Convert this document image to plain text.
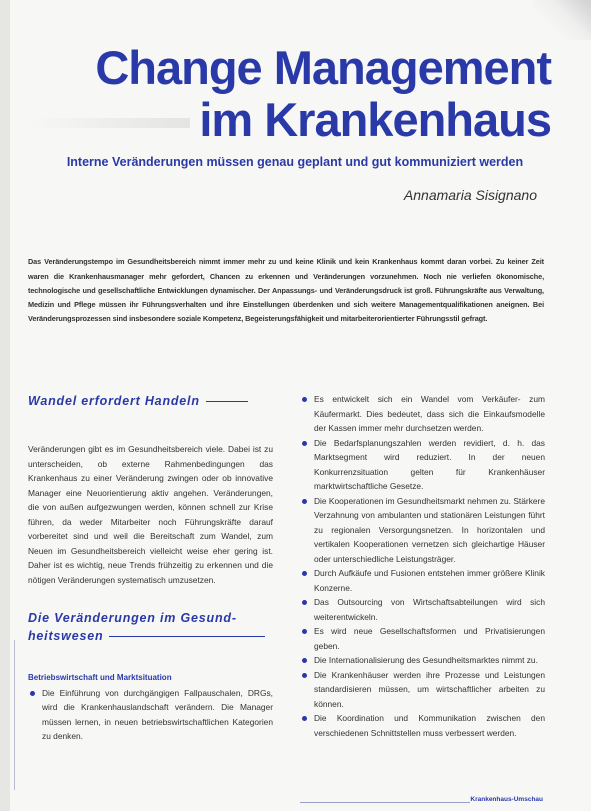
Change Management
im Krankenhaus
Interne Veränderungen müssen genau geplant und gut kommuniziert werden
Annamaria Sisignano

Das Veränderungstempo im Gesundheitsbereich nimmt immer mehr zu und keine Klinik und kein Krankenhaus kommt daran vorbei. Zu keiner Zeit waren die Krankenhausmanager mehr gefordert, Chancen zu erkennen und Veränderungen vorzunehmen. Noch nie verliefen ökonomische, technologische und gesellschaftliche Entwicklungen dynamischer. Der Anpassungs- und Veränderungsdruck ist groß. Führungskräfte aus Verwaltung, Medizin und Pflege müssen ihr Führungsverhalten und ihre Einstellungen überdenken und sich weitere Managementqualifikationen aneignen. Bei Veränderungsprozessen sind insbesondere soziale Kompetenz, Begeisterungsfähigkeit und mitarbeiterorientierter Führungsstil gefragt.

Wandel erfordert Handeln

Veränderungen gibt es im Gesundheitsbereich viele. Dabei ist zu unterscheiden, ob externe Rahmenbedingungen das Krankenhaus zu einer Veränderung zwingen oder ob innovative Manager eine Neuorientierung aktiv angehen. Veränderungen, die von außen aufgezwungen werden, können schnell zur Krise führen, da weder Mitarbeiter noch Führungskräfte darauf vorbereitet sind und weil die Bereitschaft zum Wandel, zum Neuen im Gesundheitsbereich vielleicht weise eher gering ist. Daher ist es wichtig, neue Trends frühzeitig zu erkennen und die nötigen Veränderungen systematisch umzusetzen.

Die Veränderungen im Gesund-
heitswesen

Betriebswirtschaft und Marktsituation

Die Einführung von durchgängigen Fallpauschalen, DRGs, wird die Krankenhauslandschaft verändern. Die Manager müssen lernen, in neuen betriebswirtschaftlichen Kategorien zu denken.
Es entwickelt sich ein Wandel vom Verkäufer- zum Käufermarkt. Dies bedeutet, dass sich die Einkaufsmodelle der Kassen immer mehr durchsetzen werden.
Die Bedarfsplanungszahlen werden revidiert, d. h. das Marktsegment wird reduziert. In der neuen Konkurrenzsituation gelten für Krankenhäuser marktwirtschaftliche Gesetze.
Die Kooperationen im Gesundheitsmarkt nehmen zu. Stärkere Verzahnung von ambulanten und stationären Leistungen führt zu regionalen Versorgungsnetzen. In horizontalen und vertikalen Kooperationen vernetzen sich gleichartige Häuser oder unterschiedliche Leistungsträger.
Durch Aufkäufe und Fusionen entstehen immer größere Klinik Konzerne.
Das Outsourcing von Wirtschaftsabteilungen wird sich weiterentwickeln.
Es wird neue Gesellschaftsformen und Privatisierungen geben.
Die Internationalisierung des Gesundheitsmarktes nimmt zu.
Die Krankenhäuser werden ihre Prozesse und Leistungen standardisieren müssen, um wirtschaftlicher arbeiten zu können.
Die Koordination und Kommunikation zwischen den verschiedenen Schnittstellen muss verbessert werden.
Krankenhaus-Umschau
